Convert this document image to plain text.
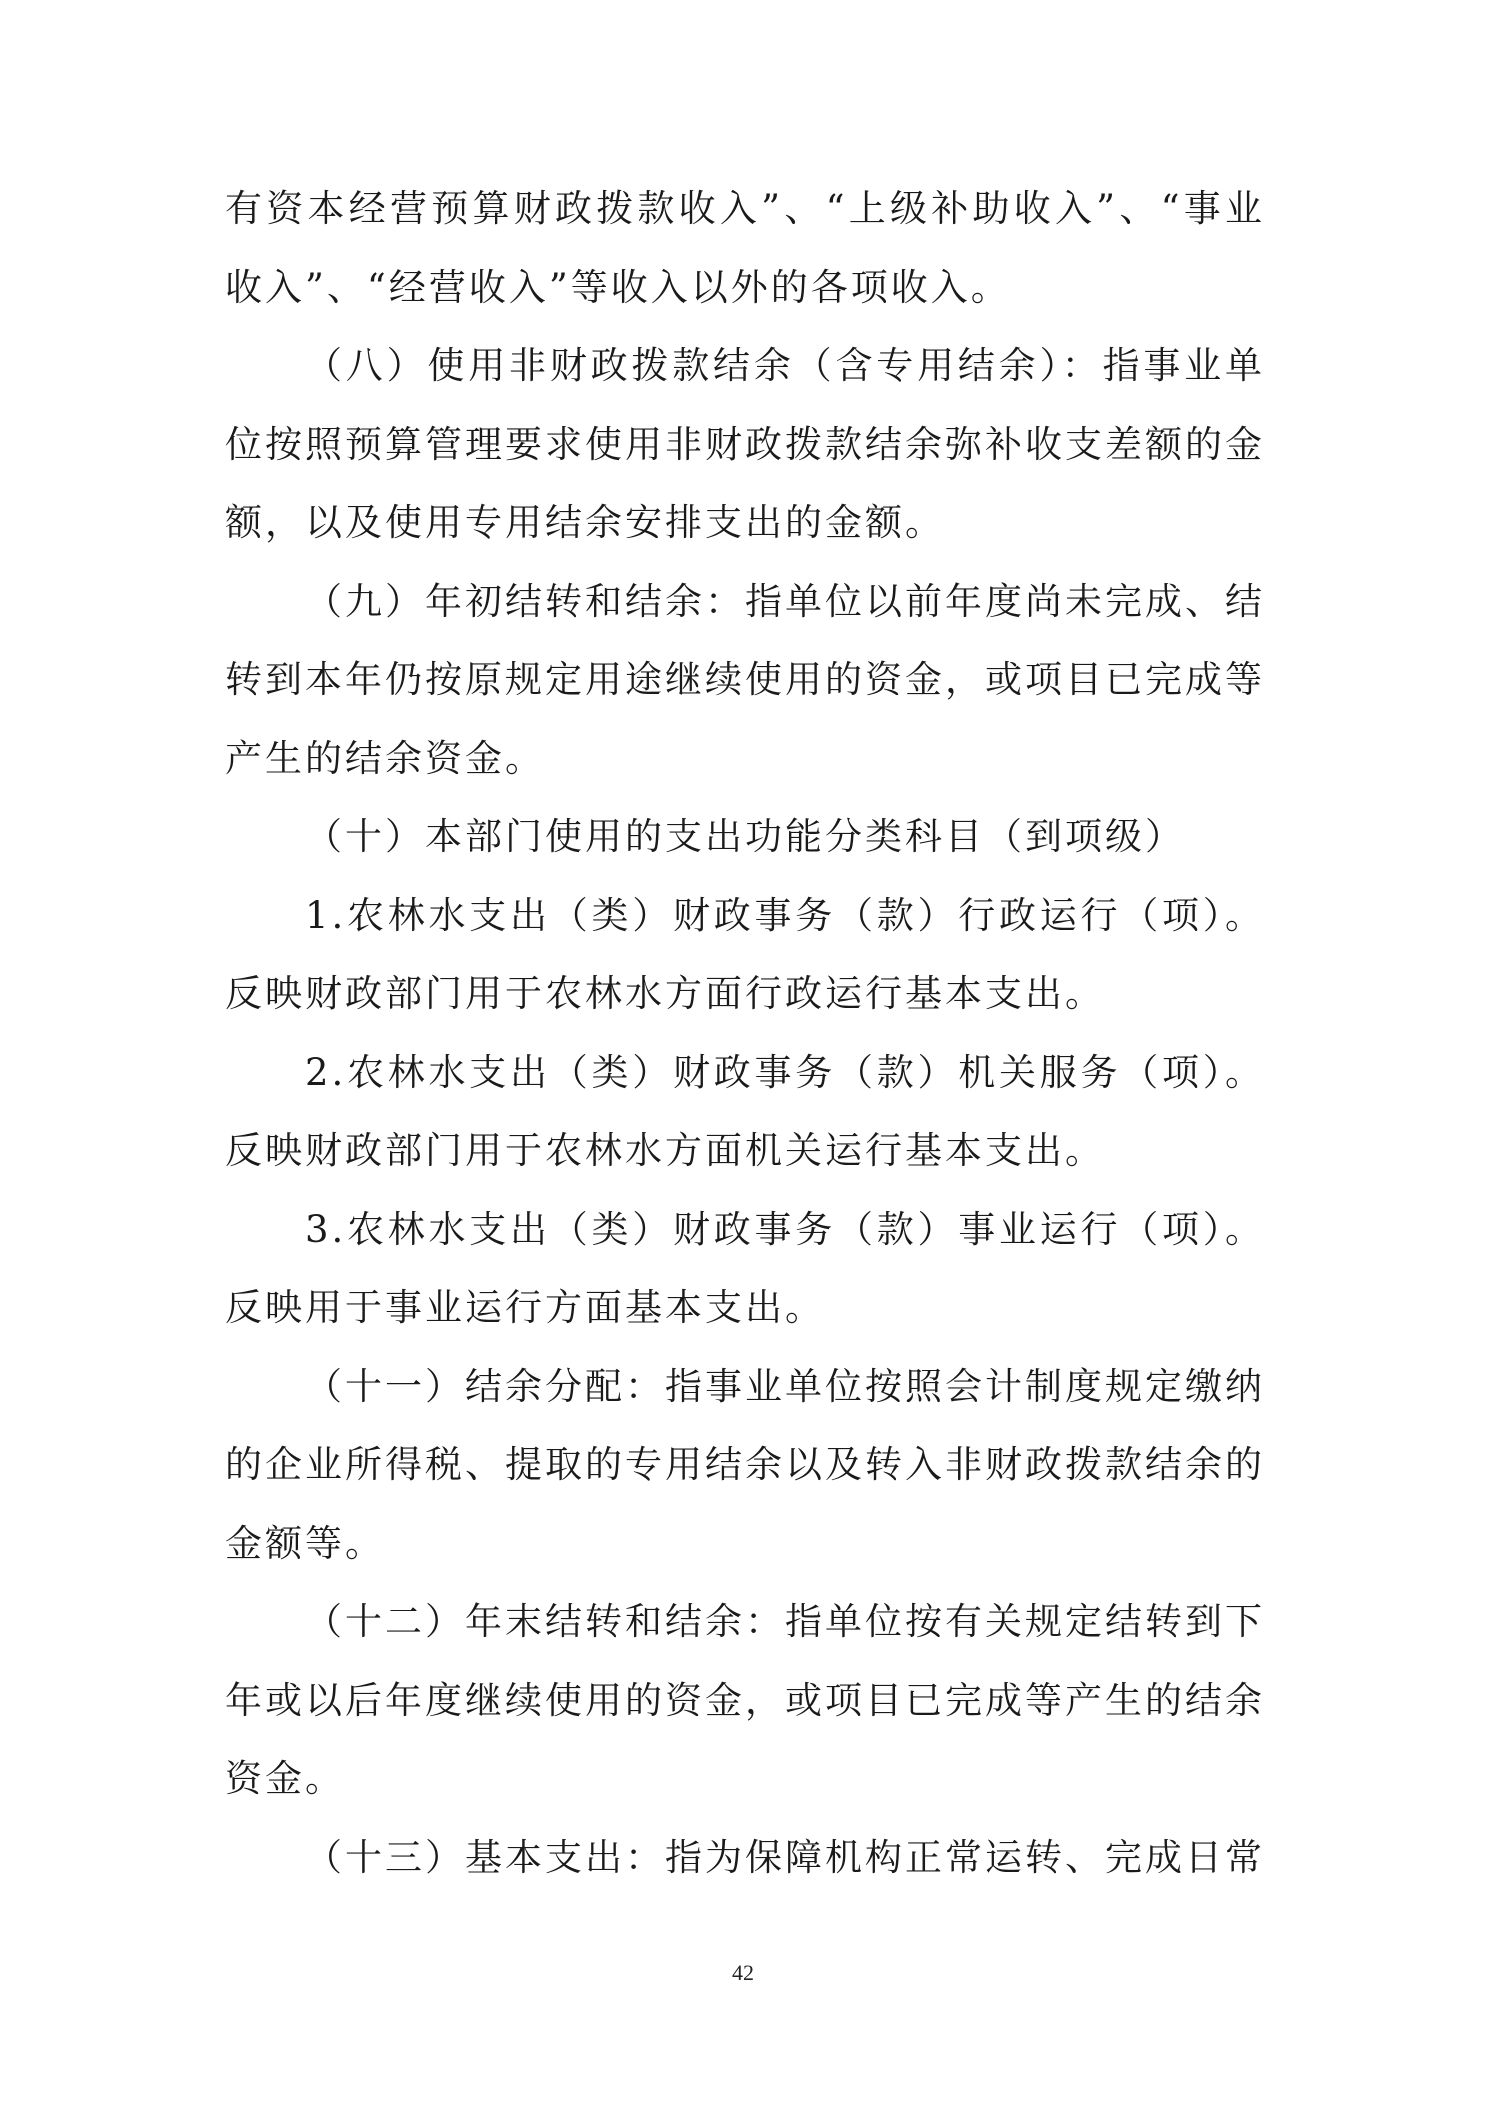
有资本经营预算财政拨款收入”、“上级补助收入”、“事业收入”、“经营收入”等收入以外的各项收入。

（八）使用非财政拨款结余（含专用结余）：指事业单位按照预算管理要求使用非财政拨款结余弥补收支差额的金额，以及使用专用结余安排支出的金额。

（九）年初结转和结余：指单位以前年度尚未完成、结转到本年仍按原规定用途继续使用的资金，或项目已完成等产生的结余资金。

（十）本部门使用的支出功能分类科目（到项级）

1.农林水支出（类）财政事务（款）行政运行（项）。反映财政部门用于农林水方面行政运行基本支出。

2.农林水支出（类）财政事务（款）机关服务（项）。反映财政部门用于农林水方面机关运行基本支出。

3.农林水支出（类）财政事务（款）事业运行（项）。反映用于事业运行方面基本支出。

（十一）结余分配：指事业单位按照会计制度规定缴纳的企业所得税、提取的专用结余以及转入非财政拨款结余的金额等。

（十二）年末结转和结余：指单位按有关规定结转到下年或以后年度继续使用的资金，或项目已完成等产生的结余资金。

（十三）基本支出：指为保障机构正常运转、完成日常

42
